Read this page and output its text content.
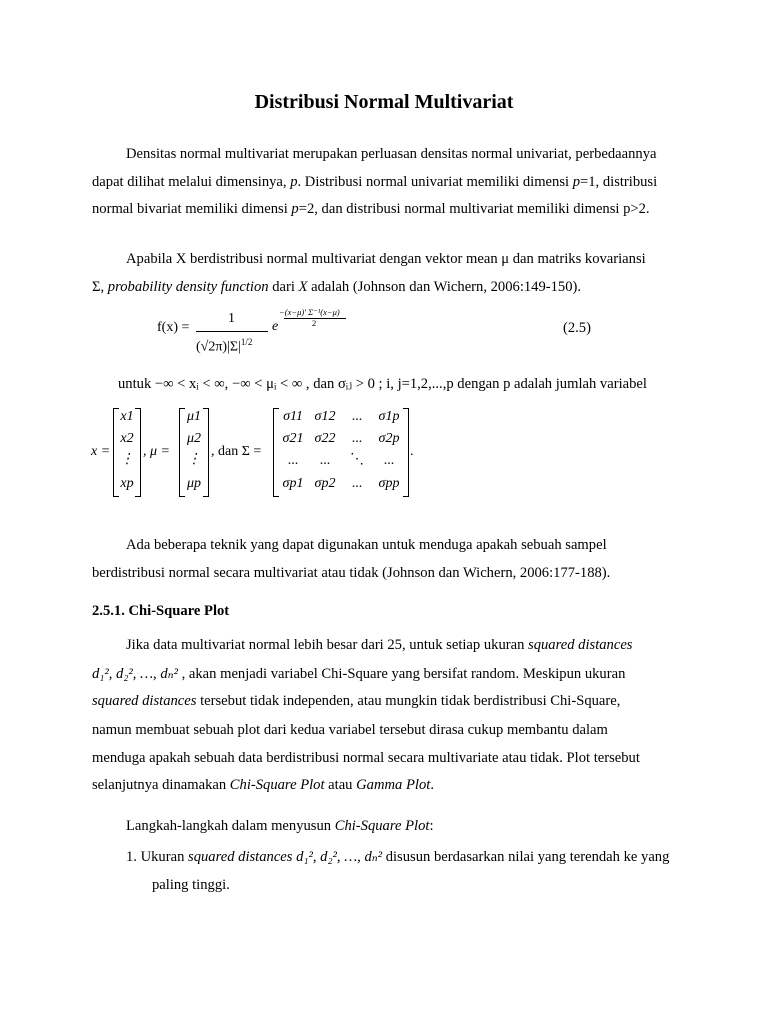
Distribusi Normal Multivariat
Densitas normal multivariat merupakan perluasan densitas normal univariat, perbedaannya
dapat dilihat melalui dimensinya, p. Distribusi normal univariat memiliki dimensi p=1, distribusi
normal bivariat memiliki dimensi p=2, dan distribusi normal multivariat memiliki dimensi p>2.
Apabila X berdistribusi normal multivariat dengan vektor mean μ dan matriks kovariansi
Σ, probability density function dari X adalah (Johnson dan Wichern, 2006:149-150).
f(x) =
1
$(√2\pi)|\Sigma|^{1/2}$
e
−(x−μ)′ Σ⁻¹(x−μ)
2	(2.5)
untuk −∞ < xᵢ < ∞, −∞ < μᵢ < ∞ , dan σᵢⱼ > 0 ; i, j=1,2,...,p dengan p adalah jumlah variabel
x =
x1
x2
⋮
xp
, μ =
μ1
μ2
⋮
μp
, dan Σ =
σ11 σ12	...	σ1p
σ21 σ22	...	σ2p
...	...	⋱	...
σp1 σp2	...	σpp
.
Ada beberapa teknik yang dapat digunakan untuk menduga apakah sebuah sampel
berdistribusi normal secara multivariat atau tidak (Johnson dan Wichern, 2006:177-188).
2.5.1. Chi-Square Plot
Jika data multivariat normal lebih besar dari 25, untuk setiap ukuran squared distances
d₁², d₂², …, dₙ² , akan menjadi variabel Chi-Square yang bersifat random. Meskipun ukuran
squared distances tersebut tidak independen, atau mungkin tidak berdistribusi Chi-Square,
namun membuat sebuah plot dari kedua variabel tersebut dirasa cukup membantu dalam
menduga apakah sebuah data berdistribusi normal secara multivariate atau tidak. Plot tersebut
selanjutnya dinamakan Chi-Square Plot atau Gamma Plot.
Langkah-langkah dalam menyusun Chi-Square Plot:
1. Ukuran squared distances d₁², d₂², …, dₙ² disusun berdasarkan nilai yang terendah ke yang
paling tinggi.
